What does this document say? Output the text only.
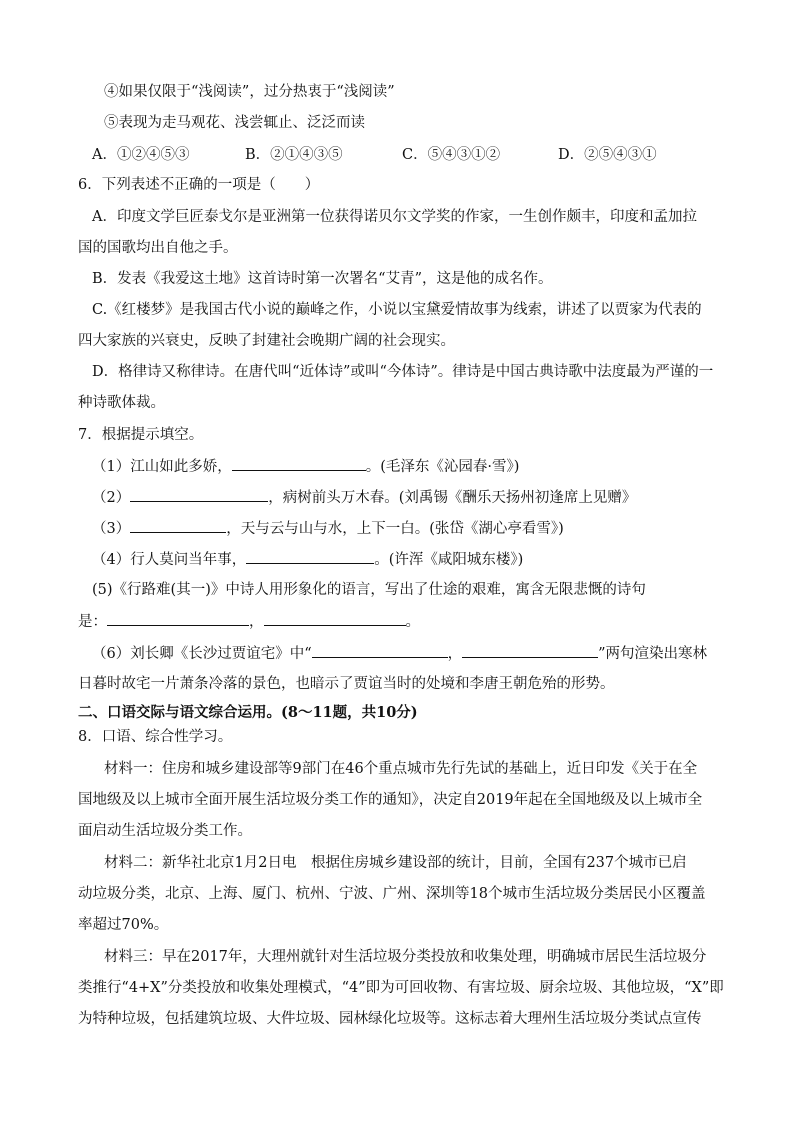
④如果仅限于“浅阅读”，过分热衷于“浅阅读”
⑤表现为走马观花、浅尝辄止、泛泛而读
A．①②④⑤③	B．②①④③⑤	C．⑤④③①②	D．②⑤④③①
6．下列表述不正确的一项是（　　）
A．印度文学巨匠泰戈尔是亚洲第一位获得诺贝尔文学奖的作家，一生创作颇丰，印度和孟加拉
国的国歌均出自他之手。
B．发表《我爱这土地》这首诗时第一次署名“艾青”，这是他的成名作。
C.《红楼梦》是我国古代小说的巅峰之作，小说以宝黛爱情故事为线索，讲述了以贾家为代表的
四大家族的兴衰史，反映了封建社会晚期广阔的社会现实。
D．格律诗又称律诗。在唐代叫“近体诗”或叫“今体诗”。律诗是中国古典诗歌中法度最为严谨的一
种诗歌体裁。
7．根据提示填空。
（1）江山如此多娇，	。(毛泽东《沁园春·雪》)
（2）	，病树前头万木春。(刘禹锡《酬乐天扬州初逢席上见赠》
（3）	，天与云与山与水，上下一白。(张岱《湖心亭看雪》)
（4）行人莫问当年事，	。(许浑《咸阳城东楼》)
(5)《行路难(其一)》中诗人用形象化的语言，写出了仕途的艰难，寓含无限悲慨的诗句
是：	，	。
（6）刘长卿《长沙过贾谊宅》中“	，	”两句渲染出寒林
日暮时故宅一片萧条冷落的景色，也暗示了贾谊当时的处境和李唐王朝危殆的形势。
二、口语交际与语文综合运用。(8～11题，共10分)
8．口语、综合性学习。
材料一：住房和城乡建设部等9部门在46个重点城市先行先试的基础上，近日印发《关于在全
国地级及以上城市全面开展生活垃圾分类工作的通知》，决定自2019年起在全国地级及以上城市全
面启动生活垃圾分类工作。
材料二：新华社北京1月2日电　根据住房城乡建设部的统计，目前，全国有237个城市已启
动垃圾分类，北京、上海、厦门、杭州、宁波、广州、深圳等18个城市生活垃圾分类居民小区覆盖
率超过70%。
材料三：早在2017年，大理州就针对生活垃圾分类投放和收集处理，明确城市居民生活垃圾分
类推行“4+X”分类投放和收集处理模式，“4”即为可回收物、有害垃圾、厨余垃圾、其他垃圾，“X”即
为特种垃圾，包括建筑垃圾、大件垃圾、园林绿化垃圾等。这标志着大理州生活垃圾分类试点宣传
